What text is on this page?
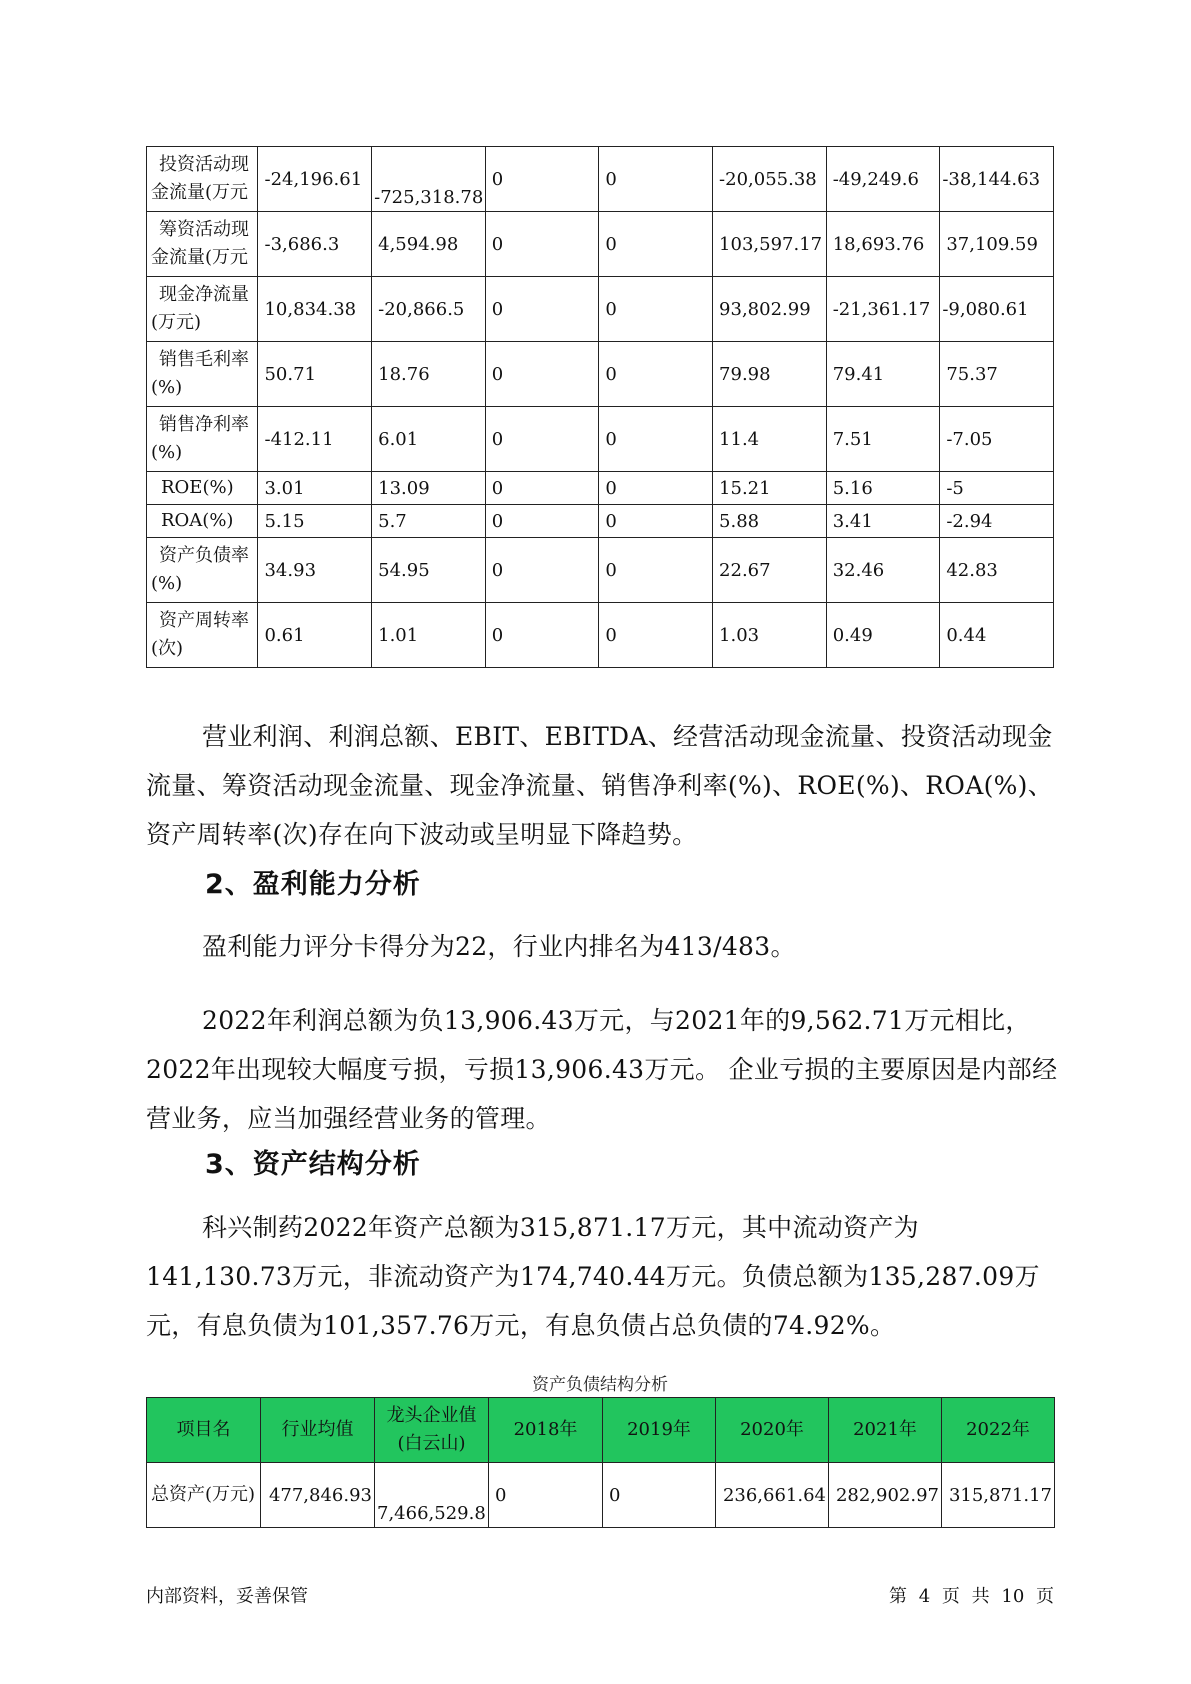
投资活动现金流量(万元	-24,196.61	-725,318.78	0	0	-20,055.38	-49,249.6	-38,144.63
筹资活动现金流量(万元	-3,686.3	4,594.98	0	0	103,597.17	18,693.76	37,109.59
现金净流量(万元)	10,834.38	-20,866.5	0	0	93,802.99	-21,361.17	-9,080.61
销售毛利率(%)	50.71	18.76	0	0	79.98	79.41	75.37
销售净利率(%)	-412.11	6.01	0	0	11.4	7.51	-7.05
ROE(%)	3.01	13.09	0	0	15.21	5.16	-5
ROA(%)	5.15	5.7	0	0	5.88	3.41	-2.94
资产负债率(%)	34.93	54.95	0	0	22.67	32.46	42.83
资产周转率(次)	0.61	1.01	0	0	1.03	0.49	0.44

营业利润、利润总额、EBIT、EBITDA、经营活动现金流量、投资活动现金流量、筹资活动现金流量、现金净流量、销售净利率(%)、ROE(%)、ROA(%)、资产周转率(次)存在向下波动或呈明显下降趋势。

2、盈利能力分析

盈利能力评分卡得分为22，行业内排名为413/483。

2022年利润总额为负13,906.43万元，与2021年的9,562.71万元相比，2022年出现较大幅度亏损，亏损13,906.43万元。 企业亏损的主要原因是内部经营业务，应当加强经营业务的管理。

3、资产结构分析

科兴制药2022年资产总额为315,871.17万元，其中流动资产为141,130.73万元，非流动资产为174,740.44万元。负债总额为135,287.09万元，有息负债为101,357.76万元，有息负债占总负债的74.92%。

资产负债结构分析
项目名	行业均值	龙头企业值(白云山)	2018年	2019年	2020年	2021年	2022年
总资产(万元)	477,846.93	7,466,529.8	0	0	236,661.64	282,902.97	315,871.17
内部资料，妥善保管	第 4 页 共 10 页
